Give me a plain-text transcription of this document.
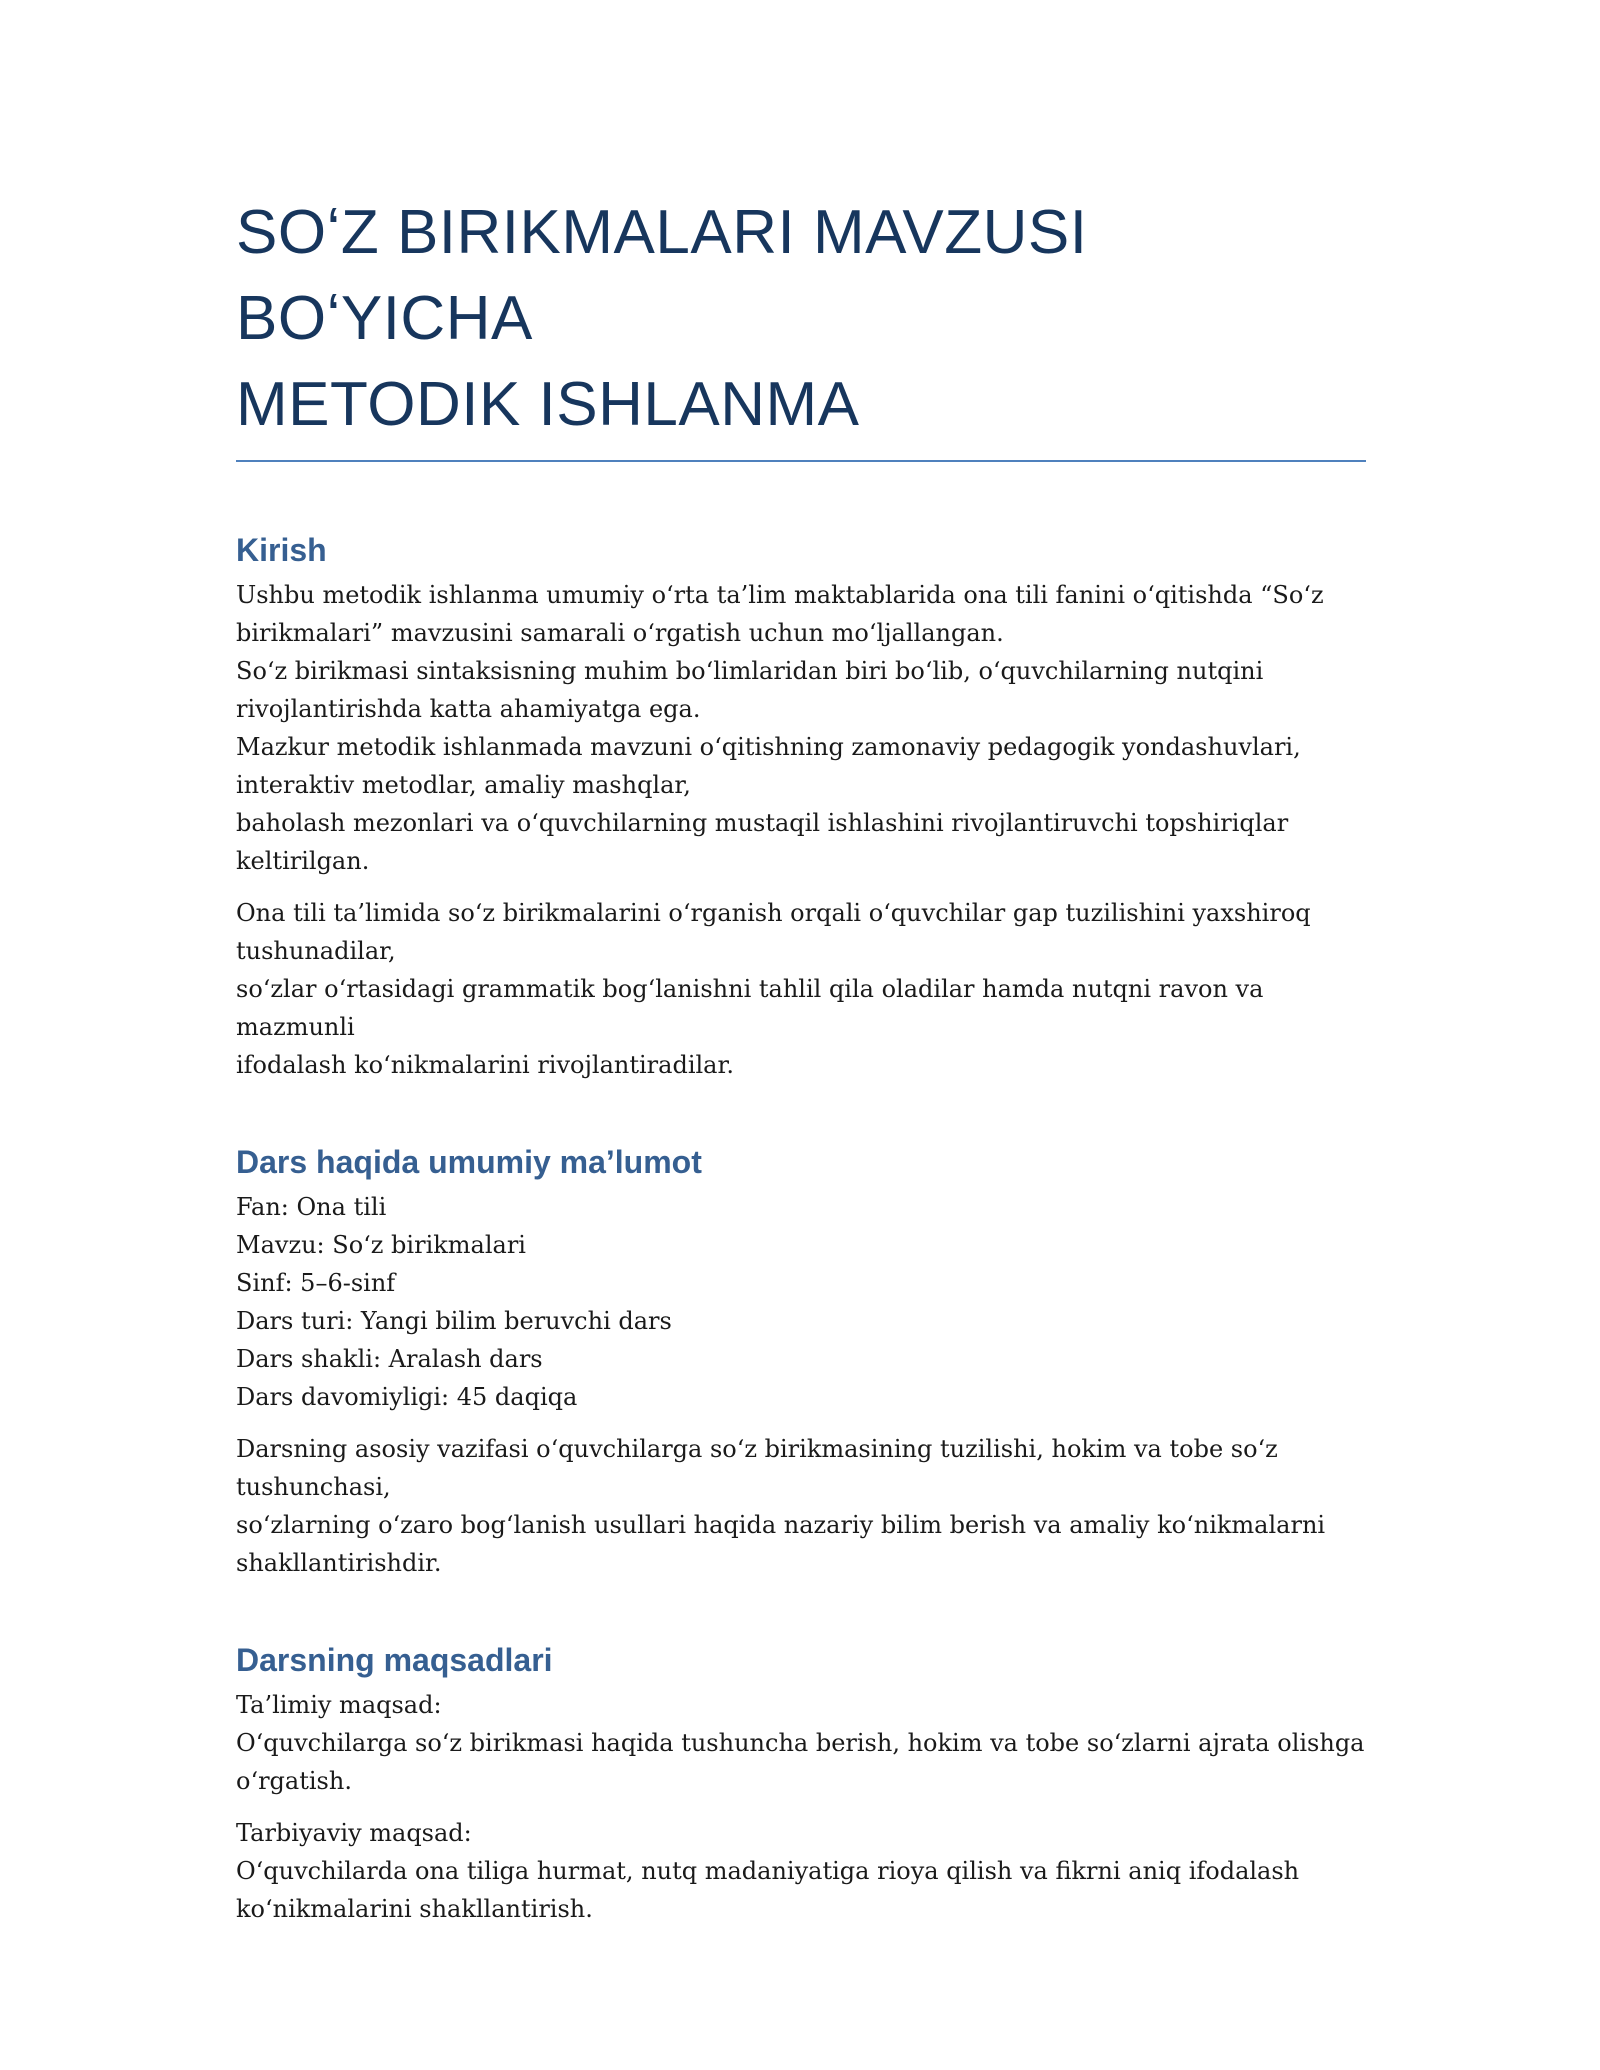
SOʻZ BIRIKMALARI MAVZUSI BOʻYICHA
METODIK ISHLANMA
Kirish

Ushbu metodik ishlanma umumiy oʻrta ta’lim maktablarida ona tili fanini oʻqitishda “Soʻz
birikmalari” mavzusini samarali oʻrgatish uchun moʻljallangan.
Soʻz birikmasi sintaksisning muhim boʻlimlaridan biri boʻlib, oʻquvchilarning nutqini
rivojlantirishda katta ahamiyatga ega.
Mazkur metodik ishlanmada mavzuni oʻqitishning zamonaviy pedagogik yondashuvlari,
interaktiv metodlar, amaliy mashqlar,
baholash mezonlari va oʻquvchilarning mustaqil ishlashini rivojlantiruvchi topshiriqlar
keltirilgan.

Ona tili ta’limida soʻz birikmalarini oʻrganish orqali oʻquvchilar gap tuzilishini yaxshiroq
tushunadilar,
soʻzlar oʻrtasidagi grammatik bogʻlanishni tahlil qila oladilar hamda nutqni ravon va mazmunli
ifodalash koʻnikmalarini rivojlantiradilar.

Dars haqida umumiy ma’lumot

Fan: Ona tili
Mavzu: Soʻz birikmalari
Sinf: 5–6-sinf
Dars turi: Yangi bilim beruvchi dars
Dars shakli: Aralash dars
Dars davomiyligi: 45 daqiqa

Darsning asosiy vazifasi oʻquvchilarga soʻz birikmasining tuzilishi, hokim va tobe soʻz
tushunchasi,
soʻzlarning oʻzaro bogʻlanish usullari haqida nazariy bilim berish va amaliy koʻnikmalarni
shakllantirishdir.

Darsning maqsadlari

Ta’limiy maqsad:
Oʻquvchilarga soʻz birikmasi haqida tushuncha berish, hokim va tobe soʻzlarni ajrata olishga
oʻrgatish.

Tarbiyaviy maqsad:
Oʻquvchilarda ona tiliga hurmat, nutq madaniyatiga rioya qilish va fikrni aniq ifodalash
koʻnikmalarini shakllantirish.
